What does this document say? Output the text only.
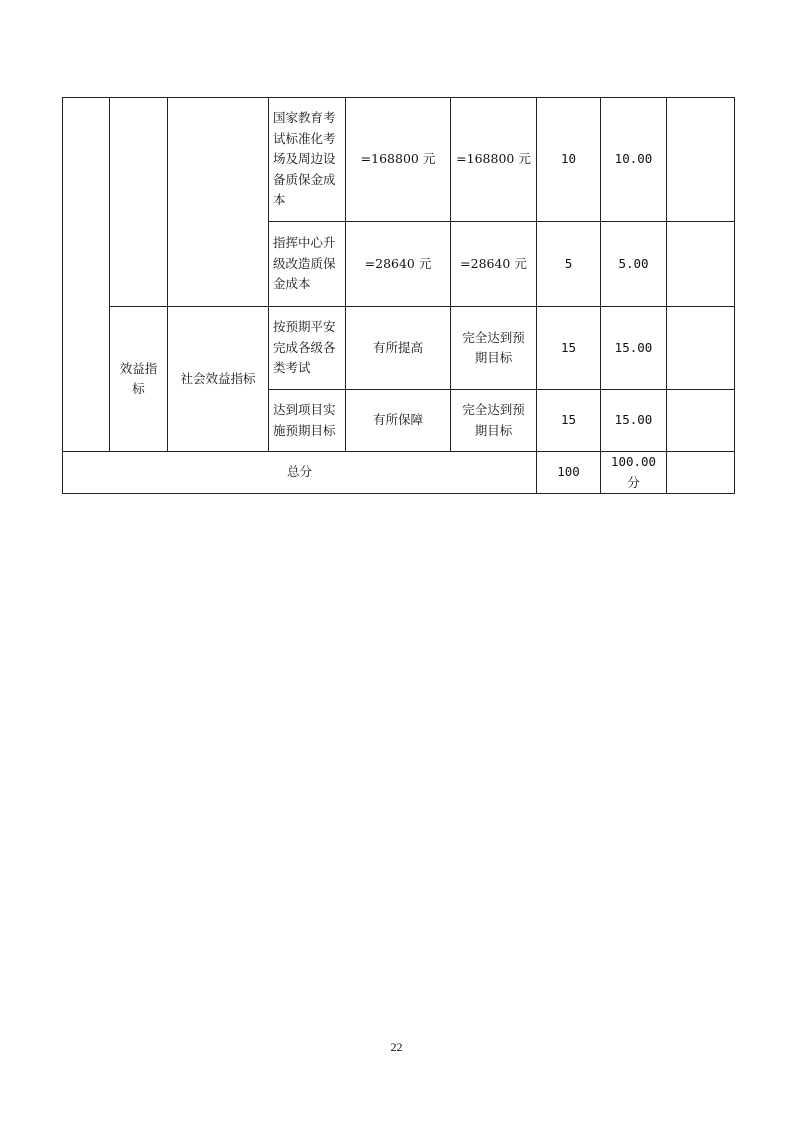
			国家教育考试标准化考场及周边设备质保金成本	=168800 元	=168800 元	10	10.00	
			指挥中心升级改造质保金成本	=28640 元	=28640 元	5	5.00	
	效益指标	社会效益指标	按预期平安完成各级各类考试	有所提高	完全达到预期目标	15	15.00	
			达到项目实施预期目标	有所保障	完全达到预期目标	15	15.00	
总分						100	100.00分	
22
